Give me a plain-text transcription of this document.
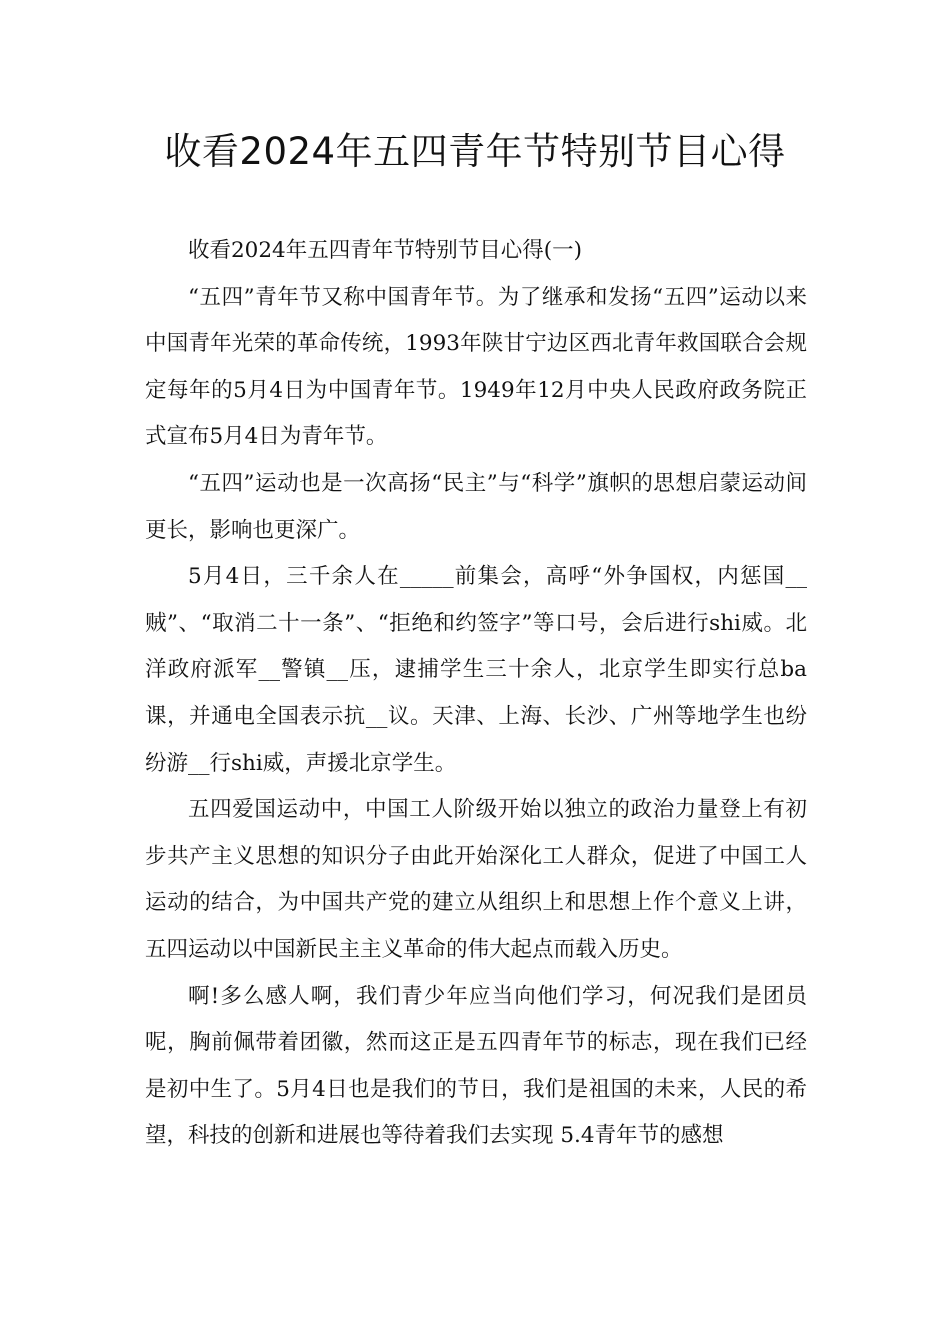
收看2024年五四青年节特别节目心得

收看2024年五四青年节特别节目心得(一)

“五四”青年节又称中国青年节。为了继承和发扬“五四”运动以来中国青年光荣的革命传统，1993年陕甘宁边区西北青年救国联合会规定每年的5月4日为中国青年节。1949年12月中央人民政府政务院正式宣布5月4日为青年节。

“五四”运动也是一次高扬“民主”与“科学”旗帜的思想启蒙运动间更长，影响也更深广。

5月4日，三千余人在_____前集会，高呼“外争国权，内惩国__贼”、“取消二十一条”、“拒绝和约签字”等口号，会后进行shi威。北洋政府派军__警镇__压，逮捕学生三十余人，北京学生即实行总ba课，并通电全国表示抗__议。天津、上海、长沙、广州等地学生也纷纷游__行shi威，声援北京学生。

五四爱国运动中，中国工人阶级开始以独立的政治力量登上有初步共产主义思想的知识分子由此开始深化工人群众，促进了中国工人运动的结合，为中国共产党的建立从组织上和思想上作个意义上讲，五四运动以中国新民主主义革命的伟大起点而载入历史。

啊!多么感人啊，我们青少年应当向他们学习，何况我们是团员呢，胸前佩带着团徽，然而这正是五四青年节的标志，现在我们已经是初中生了。5月4日也是我们的节日，我们是祖国的未来，人民的希望，科技的创新和进展也等待着我们去实现 5.4青年节的感想
